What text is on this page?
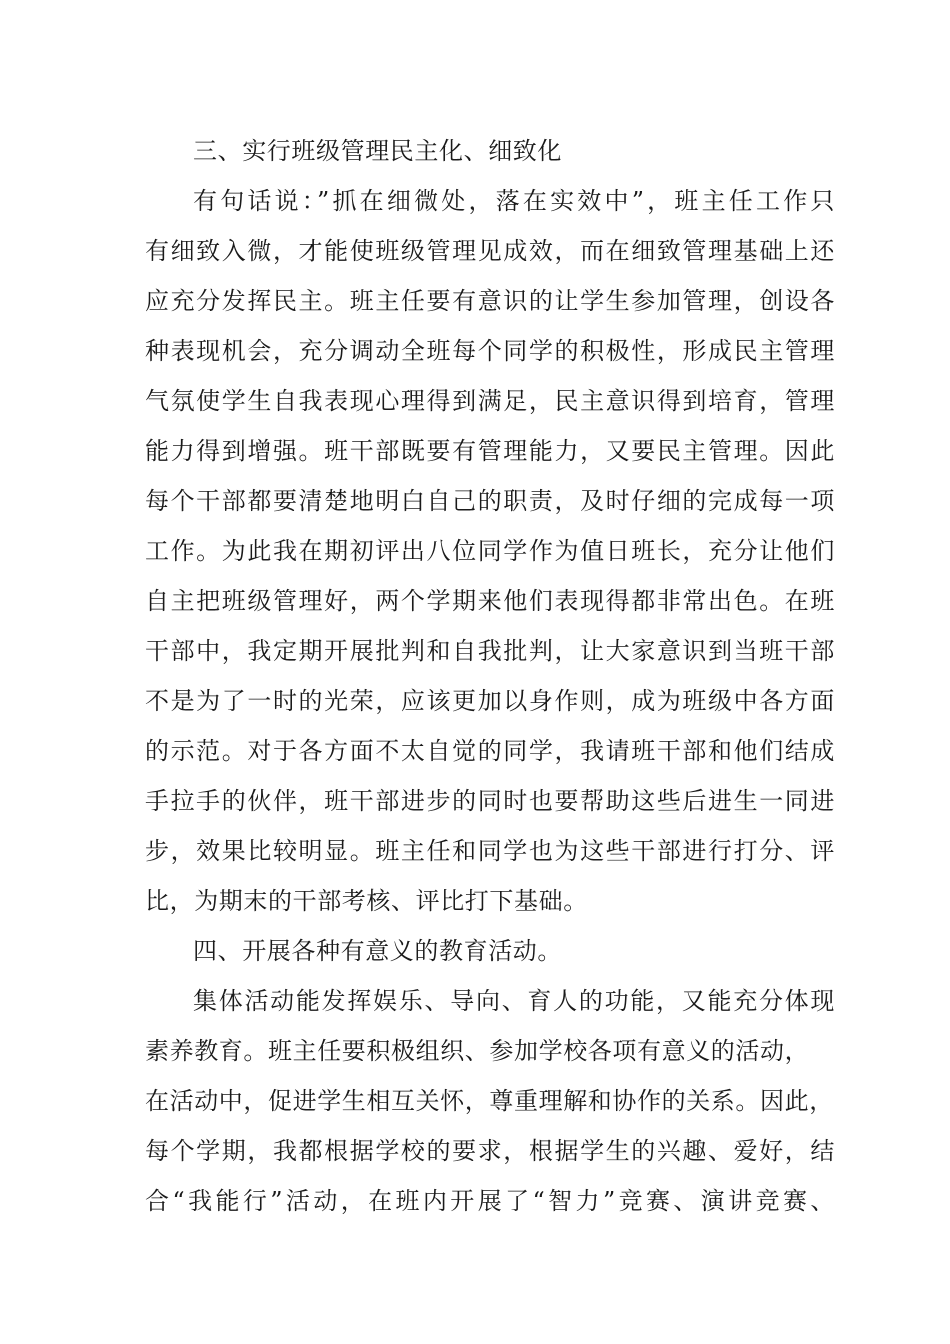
三、实行班级管理民主化、细致化
有句话说：”抓在细微处，落在实效中”，班主任工作只
有细致入微，才能使班级管理见成效，而在细致管理基础上还
应充分发挥民主。班主任要有意识的让学生参加管理，创设各
种表现机会，充分调动全班每个同学的积极性，形成民主管理
气氛使学生自我表现心理得到满足，民主意识得到培育，管理
能力得到增强。班干部既要有管理能力，又要民主管理。因此
每个干部都要清楚地明白自己的职责，及时仔细的完成每一项
工作。为此我在期初评出八位同学作为值日班长，充分让他们
自主把班级管理好，两个学期来他们表现得都非常出色。在班
干部中，我定期开展批判和自我批判，让大家意识到当班干部
不是为了一时的光荣，应该更加以身作则，成为班级中各方面
的示范。对于各方面不太自觉的同学，我请班干部和他们结成
手拉手的伙伴，班干部进步的同时也要帮助这些后进生一同进
步，效果比较明显。班主任和同学也为这些干部进行打分、评
比，为期末的干部考核、评比打下基础。
四、开展各种有意义的教育活动。
集体活动能发挥娱乐、导向、育人的功能，又能充分体现
素养教育。班主任要积极组织、参加学校各项有意义的活动，
在活动中，促进学生相互关怀，尊重理解和协作的关系。因此，
每个学期，我都根据学校的要求，根据学生的兴趣、爱好，结
合“我能行”活动，在班内开展了“智力”竞赛、演讲竞赛、
